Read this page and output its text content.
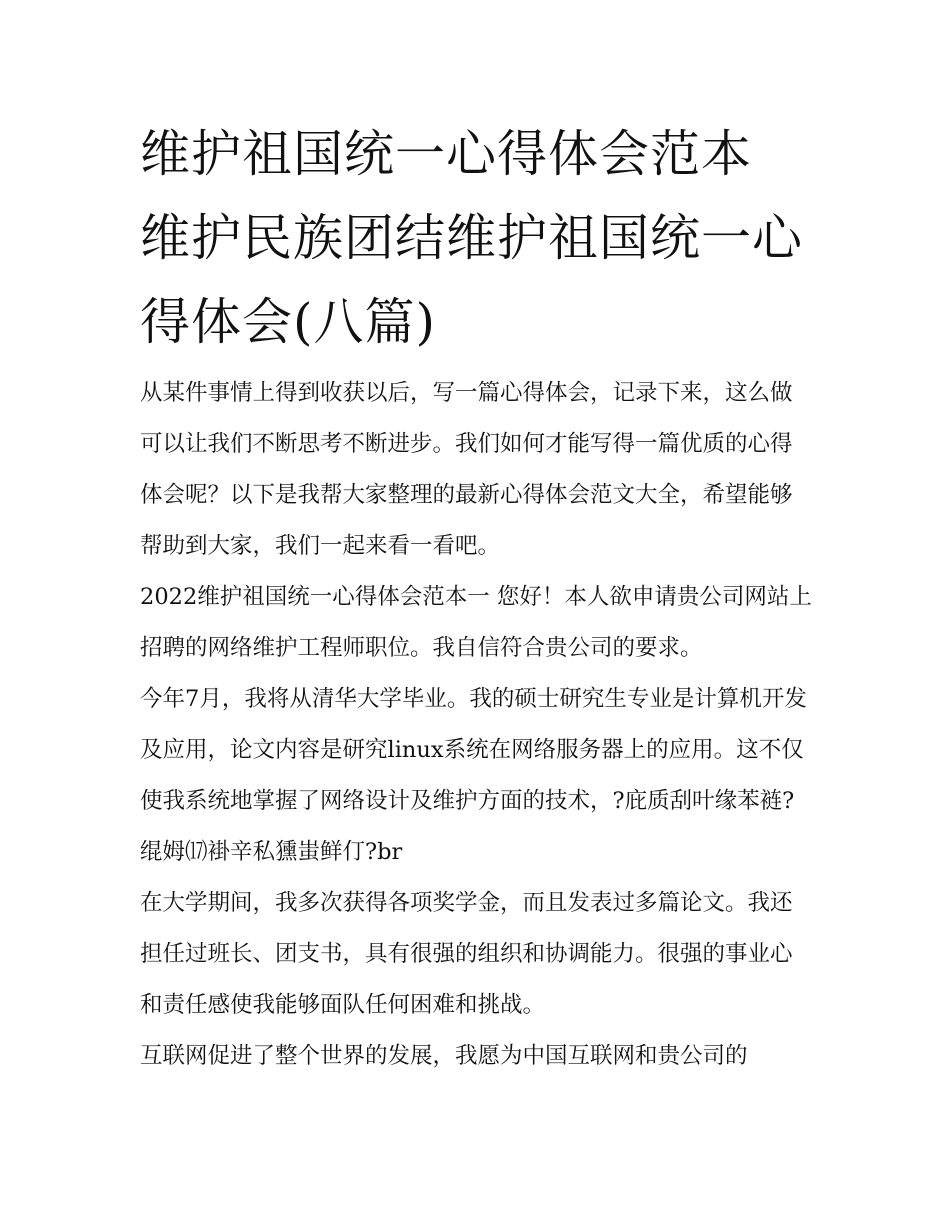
维护祖国统一心得体会范本 维护民族团结维护祖国统一心得体会(八篇)

从某件事情上得到收获以后，写一篇心得体会，记录下来，这么做可以让我们不断思考不断进步。我们如何才能写得一篇优质的心得体会呢？以下是我帮大家整理的最新心得体会范文大全，希望能够帮助到大家，我们一起来看一看吧。

2022维护祖国统一心得体会范本一 您好！本人欲申请贵公司网站上招聘的网络维护工程师职位。我自信符合贵公司的要求。

今年7月，我将从清华大学毕业。我的硕士研究生专业是计算机开发及应用，论文内容是研究linux系统在网络服务器上的应用。这不仅使我系统地掌握了网络设计及维护方面的技术，?庇质刮叶缘苯裢?绲姆⒄褂辛私獯蚩鲜仃?br

在大学期间，我多次获得各项奖学金，而且发表过多篇论文。我还担任过班长、团支书，具有很强的组织和协调能力。很强的事业心和责任感使我能够面队任何困难和挑战。

互联网促进了整个世界的发展，我愿为中国互联网和贵公司的
